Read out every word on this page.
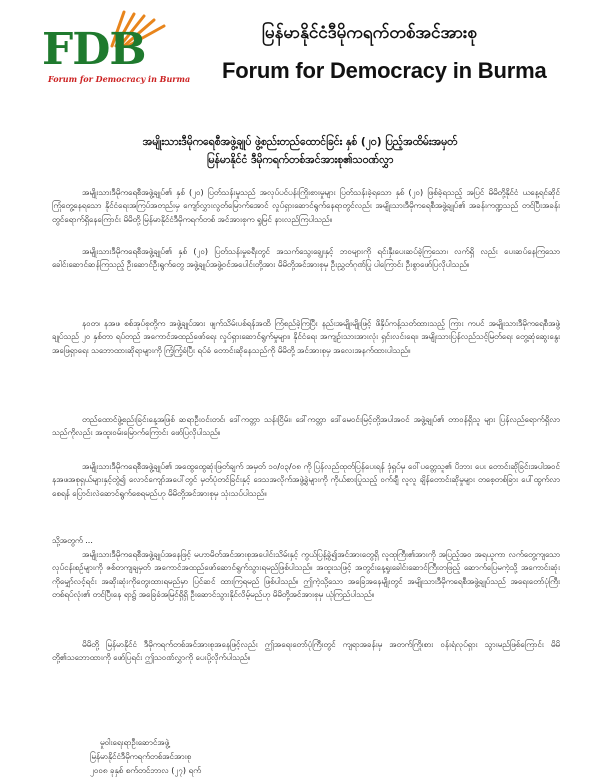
FDB
Forum for Democracy in Burma
မြန်မာနိုင်ငံဒီမိုကရက်တစ်အင်အားစု
Forum for Democracy in Burma
အမျိုးသားဒီမိုကရေစီအဖွဲ့ချုပ် ဖွဲ့စည်းတည်ထောင်ခြင်း နှစ် (၂၀) ပြည့်အထိမ်းအမှတ်
မြန်မာနိုင်ငံ ဒီမိုကရက်တစ်အင်အားစု၏သဝဏ်လွှာ
အမျိုးသားဒီမိုကရေစီအဖွဲ့ချုပ်၏ နှစ် (၂၀) ပြတ်သန်းမှုသည် အလုပ်ပင်ပန်းကြိုးစားမှုများ ပြတ်သန်းခဲ့ရသော နှစ် (၂၀) ဖြစ်ခဲ့ရသည့် အပြင် မိမိတို့နိုင်ငံ ယနေ့ရင်ဆိုင်ကြုံတွေ့နေရသော နိုင်ငံရေးအကြပ်အတည်းမှ ကျော်လွှားလွတ်မြောက်အောင် လှုပ်ရှားဆောင်ရွက်နေရာတွင်လည်း အမျိုးသားဒီမိုကရေစီအဖွဲ့ချုပ်၏ အခန်းကဏ္ဍသည် တင်ပြီးအခန်းတွင်ရောက်ရှိနေကြောင်း မိမိတို့ မြန်မာနိုင်ငံဒီမိုကရက်တစ် အင်အားစုက ရှုမြင် နားလည်ကြပါသည်။
အမျိုးသားဒီမိုကရေစီအဖွဲ့ချုပ်၏ နှစ် (၂၀) ပြတ်သန်းမှုခရီးတွင် အသက်သွေးချွေးနှင့် ဘဝများကို ရင်းနှီးပေးဆပ်ခဲ့ကြသော၊ လက်ရှိ လည်း ပေးဆပ်နေကြသော ခေါင်းဆောင်ဆန်ကြသည့် ဦးဆောင်ဦးရွက်တွေ အဖွဲ့ချုပ်အဖွဲ့ဝင်အပေါင်းတို့အား မိမိတို့အင်အားစုမှ ဦးညွှတ်ဂုဏ်ပြု ပါကြောင်း ဦးစွာဖော်ပြလိုပါသည်။
နဝတ၊ နအဖ စစ်အုပ်စုတို့က အဖွဲ့ချုပ်အား ဖျက်သိမ်းပစ်ရန်အထိ ကြံစည်ခဲ့ကြပြီး နည်းအမျိုးမျိုးဖြင့် ဖိနှိပ်ကန့်သတ်ထားသည့် ကြား ကပင် အမျိုးသားဒီမိုကရေစီအဖွဲ့ချုပ်သည် ၂၀ နှစ်တာ ရပ်တည် အကောင်အထည်ဖော်ရေး လှုပ်ရှားဆောင်ရွက်မှုများ၊ နိုင်ငံရေး အကျဉ်းသားအားလုံး ရှင်းလင်းရေး၊ အမျိုးသားပြန်လည်သင့်မြတ်ရေး တွေ့ဆုံဆွေးနွေးအဖြေရှာရေး သဘောထားဆိုရာများကို ကြံ့ကြံ့ခံပြီး ရပ်ခံ တောင်းဆိုနေသည်ကို မိမိတို့ အင်အားစုမှ အလေးအနက်ထားပါသည်။
တည်ထောင်ဖွဲ့စည်းခြင်းနေ့အဖြစ် ဆရာဦးဝင်းတင်၊ ဒေါ်ကတ္တာ သန်းငြိမ်း၊ ဒေါ်ကတ္တာ ဒေါ်မေဝင်းမြင့်တို့အပါအဝင် အဖွဲ့ချုပ်၏ တာဝန်ရှိသူ များ ပြန်လည်ရောက်ရှိလာသည်ကိုလည်း အထူးဝမ်းမြောက်ကြောင်း ဖော်ပြလိုပါသည်။
အမျိုးသားဒီမိုကရေစီအဖွဲ့ချုပ်၏ အထွေထွေဆုံးဖြတ်ချက် အမှတ် ၁၀/၀၃/၀၈ ကို ပြန်လည်ထုတ်ပြန်ပေးရန် ဒုံရှပ်မှ ဝေါ်ပတ္တေသူ၏ ပိဘား ပေး တောင်းဆိုခြင်းအပါအဝင် နအဖအစုရှယ်များနှင့်တွဲ၍ လောင်ကျော်အပေါ်တွင် မှတ်ပုံတင်ခြင်းနှင့် ဒေသအလိုက်အဖွဲ့ခွဲများကို ကိုယ်စားပြုသည့် ဝက်ချီ လူလူ ချိန်တောင်းဆိုမှုများ တစေ့တစ်ခြား ပေါ်ထွက်လာစေရန် ပြောင်းလဲဆောင်ရွက်စေရမည်ဟု မိမိတို့အင်အားစုမှ သုံးသပ်ပါသည်။
သို့အတွက် ...
အမျိုးသားဒီမိုကရေစီအဖွဲ့ချုပ်အနေဖြင့် မဟာမိတ်အင်အားစုအပေါင်းသိမ်းနှင့် ကွယ်ပြန့်ခွဲ၍အင်အားတွေရှိ လူထုကြီး၏အားကို အပြည့်အဝ အရယူကာ လက်တွေ့ကျသော လုပ်ငန်းစဉ်များကို ဇစ်တကျချမှတ် အကောင်အထည်ဖော်ဆောင်ရွက်သွားရမည်ဖြစ်ပါသည်။ အထူးသဖြင့် အတွင်းနေ့ရှုးခေါင်းဆောင်ကြီးတဖြည့် ဆောက်ပြေမကဲ့သို့ အကောင်းဆုံးကိုမျှော်လင့်ရင်း အဆိုးဆုံးကိုတွေးထားရမည်မှာ ပြင်ဆင် ထားကြရမည် ဖြစ်ပါသည်။ ဤကဲ့သို့သော အခြေအနေမျိုးတွင် အမျိုးသားဒီမိုကရေစီအဖွဲ့ချုပ်သည် အရေးတော်ပုံကြီး တစ်ရပ်လုံး၏ တင်ပြီးနေ ရာ၌ အခြေခံအမြင်ရှိရှိ ဦးဆောင်သွားနိုင်လိမ့်မည်ဟု မိမိတို့အင်အားစုမှ ယုံကြည်ပါသည်။
မိမိတို့ မြန်မာနိုင်ငံ ဒီမိုကရက်တစ်အင်အားစုအနေဖြင့်လည်း ဤအရေးတော်ပုံကြီးတွင် ကျရာအခန်းမှ အတက်ကြိုးစား ဝန်းရံလုပ်ရှား သွားမည်ဖြစ်ကြောင်း မိမိတို့၏သဘောထားကို ဖော်ပြရင်း ဤသဝဏ်လွှာကို ပေးပို့လိုက်ပါသည်။
မှုဝါးရေးရာဦးဆောင်အဖွဲ့
မြန်မာနိုင်ငံဒီမိုကရက်တစ်အင်အားစု
၂၀၀၈ ခုနှစ် စက်တင်ဘာလ (၂၇) ရက်
